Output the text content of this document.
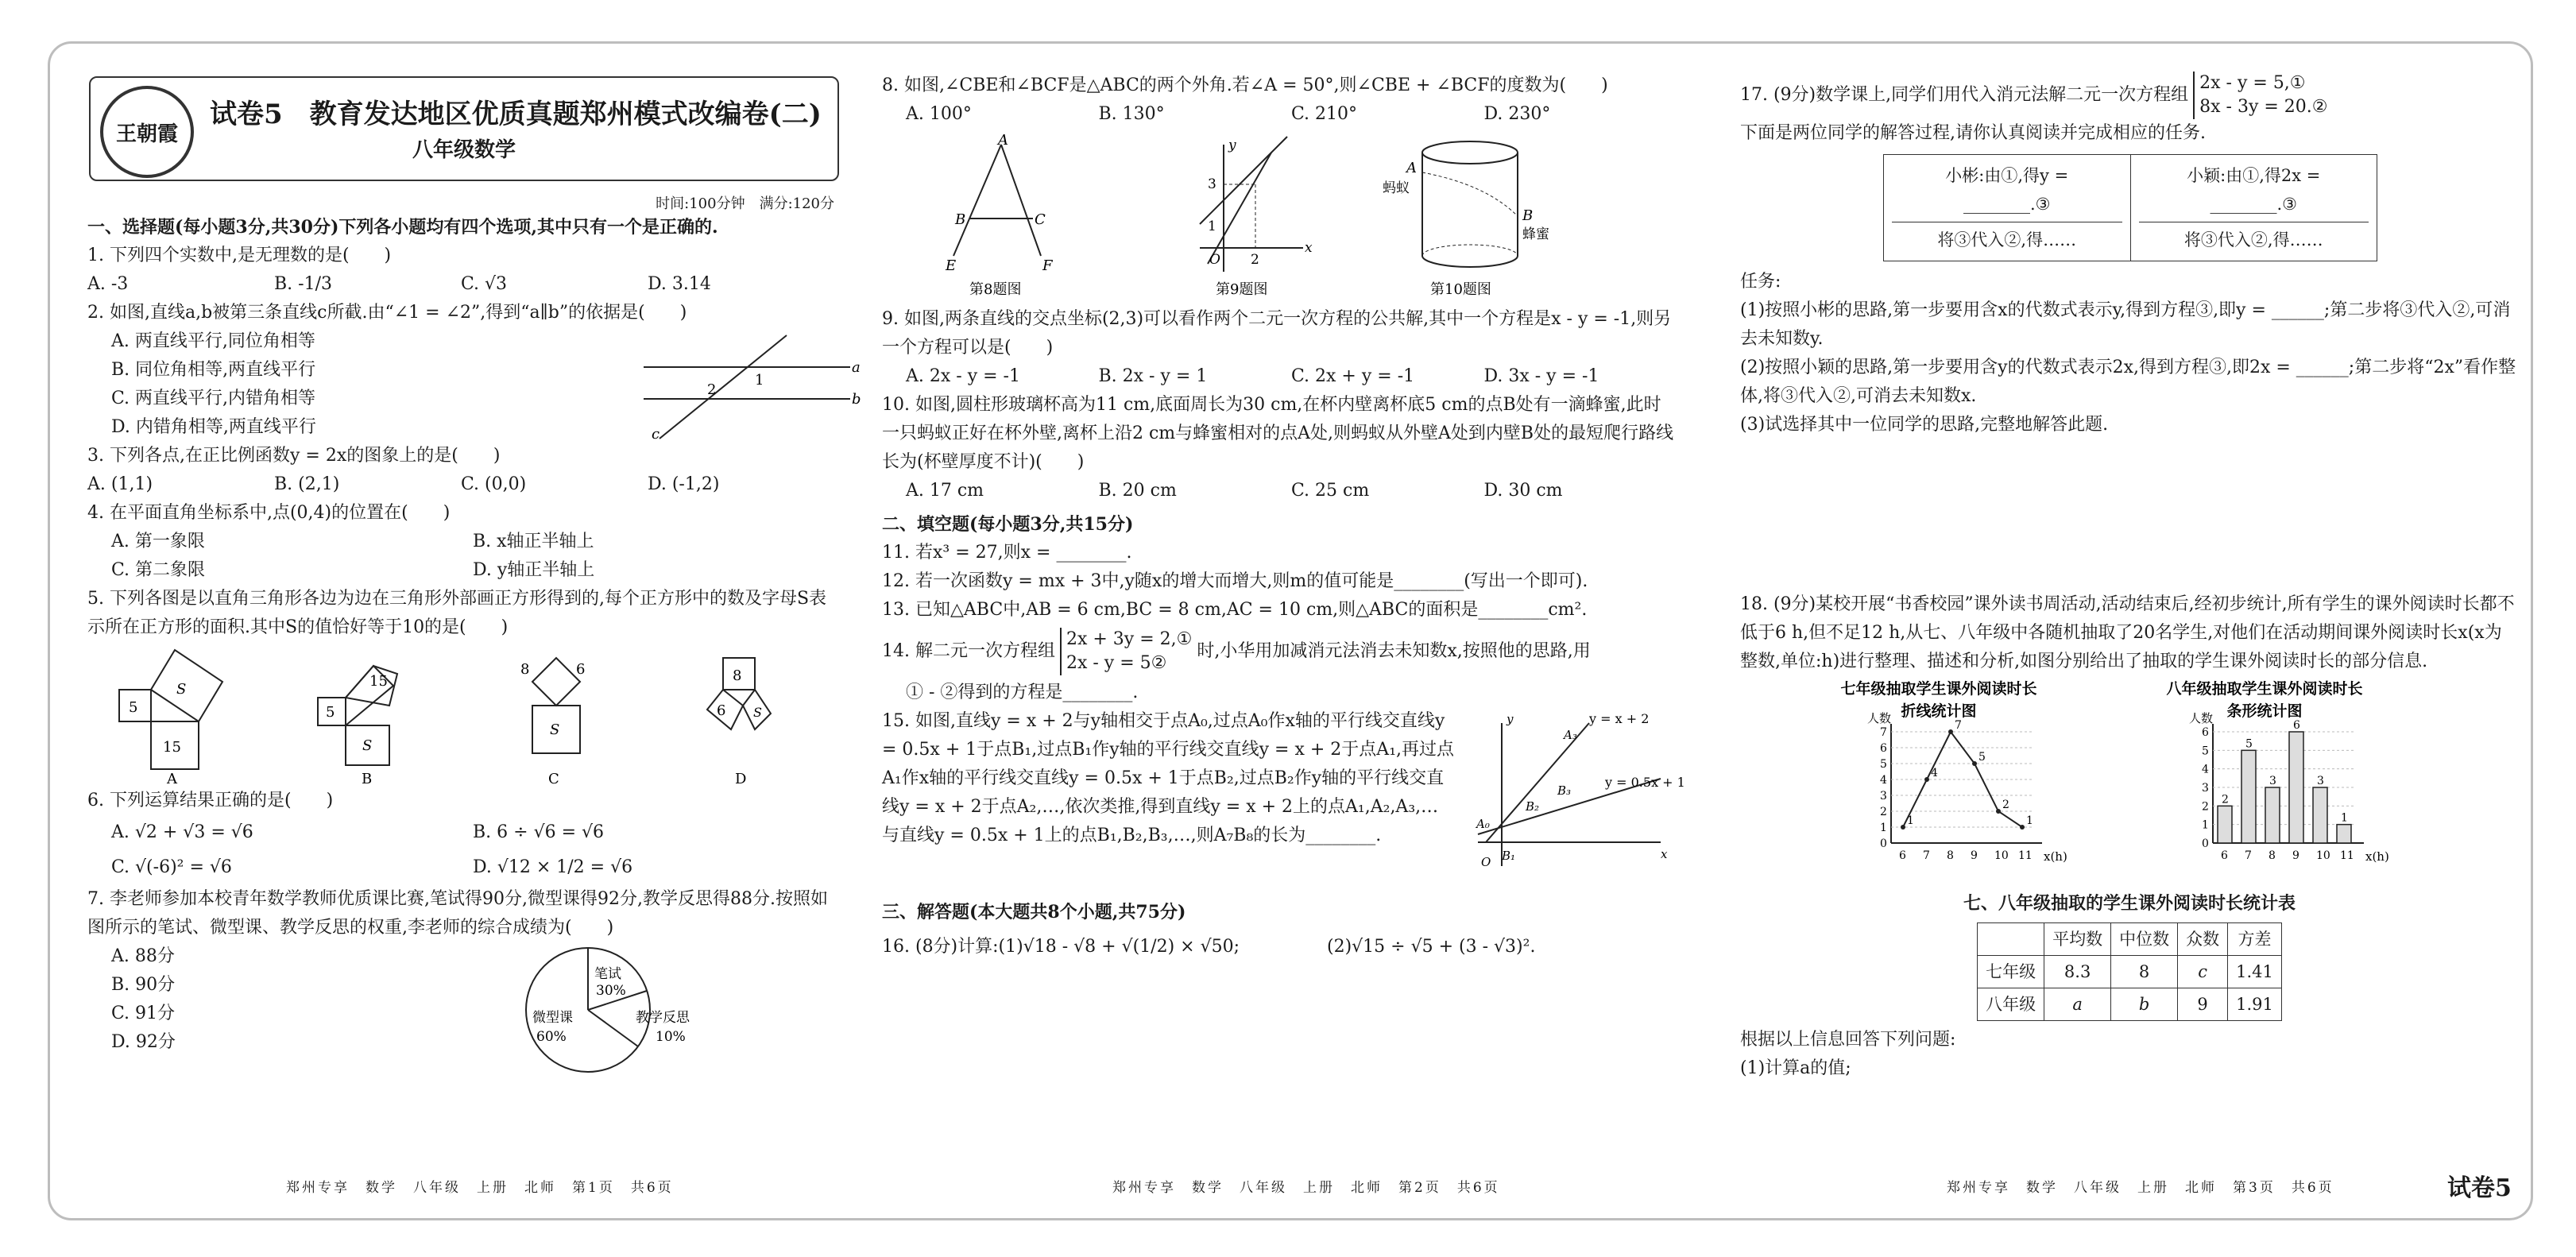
王朝霞
试卷5　教育发达地区优质真题郑州模式改编卷(二)
八年级数学
时间:100分钟　满分:120分

一、选择题(每小题3分,共30分)下列各小题均有四个选项,其中只有一个是正确的.

1. 下列四个实数中,是无理数的是(　　)

A. -3	B. -1/3	C. √3	D. 3.14

2. 如图,直线a,b被第三条直线c所截.由“∠1 = ∠2”,得到“a∥b”的依据是(　　)

A. 两直线平行,同位角相等
B. 同位角相等,两直线平行
C. 两直线平行,内错角相等
D. 内错角相等,两直线平行
a
b
c
1
2

3. 下列各点,在正比例函数y = 2x的图象上的是(　　)

A. (1,1)	B. (2,1)	C. (0,0)	D. (-1,2)

4. 在平面直角坐标系中,点(0,4)的位置在(　　)

A. 第一象限	B. x轴正半轴上
C. 第二象限	D. y轴正半轴上

5. 下列各图是以直角三角形各边为边在三角形外部画正方形得到的,每个正方形中的数及字母S表示所在正方形的面积.其中S的值恰好等于10的是(　　)

5
15
S
A
5
15
S
B
8	6
S
C
8
6 S
D

6. 下列运算结果正确的是(　　)

A. √2 + √3 = √6	B. 6 ÷ √6 = √6
C. √(-6)² = √6	D. √12 × 1/2 = √6

7. 李老师参加本校青年数学教师优质课比赛,笔试得90分,微型课得92分,教学反思得88分.按照如图所示的笔试、微型课、教学反思的权重,李老师的综合成绩为(　　)

A. 88分
B. 90分
C. 91分
D. 92分
笔试
30%
微型课
60%
教学反思
10%
郑州专享　数学　八年级　上册　北师　第1页　共6页

8. 如图,∠CBE和∠BCF是△ABC的两个外角.若∠A = 50°,则∠CBE + ∠BCF的度数为(　　)

A. 100°	B. 130°	C. 210°	D. 230°
A
B	C
E	F
第8题图
3
1
O 2
x
y
第9题图
A
蚂蚁
B
蜂蜜
第10题图

9. 如图,两条直线的交点坐标(2,3)可以看作两个二元一次方程的公共解,其中一个方程是x - y = -1,则另一个方程可以是(　　)

A. 2x - y = -1	B. 2x - y = 1	C. 2x + y = -1	D. 3x - y = -1

10. 如图,圆柱形玻璃杯高为11 cm,底面周长为30 cm,在杯内壁离杯底5 cm的点B处有一滴蜂蜜,此时一只蚂蚁正好在杯外壁,离杯上沿2 cm与蜂蜜相对的点A处,则蚂蚁从外壁A处到内壁B处的最短爬行路线长为(杯壁厚度不计)(　　)

A. 17 cm	B. 20 cm	C. 25 cm	D. 30 cm

二、填空题(每小题3分,共15分)

11. 若x³ = 27,则x = ________.

12. 若一次函数y = mx + 3中,y随x的增大而增大,则m的值可能是________(写出一个即可).

13. 已知△ABC中,AB = 6 cm,BC = 8 cm,AC = 10 cm,则△ABC的面积是________cm².

14. 解二元一次方程组
2x + 3y = 2,①
2x - y = 5②
时,小华用加减消元法消去未知数x,按照他的思路,用

① - ②得到的方程是________.

15. 如图,直线y = x + 2与y轴相交于点A₀,过点A₀作x轴的平行线交直线y = 0.5x + 1于点B₁,过点B₁作y轴的平行线交直线y = x + 2于点A₁,再过点A₁作x轴的平行线交直线y = 0.5x + 1于点B₂,过点B₂作y轴的平行线交直线y = x + 2于点A₂,…,依次类推,得到直线y = x + 2上的点A₁,A₂,A₃,…与直线y = 0.5x + 1上的点B₁,B₂,B₃,…,则A₇B₈的长为________.

y = x + 2
y = 0.5x + 1
A₀
B₁
B₂
B₃
A₃
O
x
y

三、解答题(本大题共8个小题,共75分)

16. (8分)计算:(1)√18 - √8 + √(1/2) × √50;	(2)√15 ÷ √5 + (3 - √3)².
郑州专享　数学　八年级　上册　北师　第2页　共6页
17. (9分)数学课上,同学们用代入消元法解二元一次方程组
2x - y = 5,①
8x - 3y = 20.②

下面是两位同学的解答过程,请你认真阅读并完成相应的任务.

小彬:由①,得y = ________.③
将③代入②,得……
小颖:由①,得2x = ________.③
将③代入②,得……

任务:

(1)按照小彬的思路,第一步要用含x的代数式表示y,得到方程③,即y = ______;第二步将③代入②,可消去未知数y.

(2)按照小颖的思路,第一步要用含y的代数式表示2x,得到方程③,即2x = ______;第二步将“2x”看作整体,将③代入②,可消去未知数x.

(3)试选择其中一位同学的思路,完整地解答此题.

18. (9分)某校开展“书香校园”课外读书周活动,活动结束后,经初步统计,所有学生的课外阅读时长都不低于6 h,但不足12 h,从七、八年级中各随机抽取了20名学生,对他们在活动期间课外阅读时长x(x为整数,单位:h)进行整理、描述和分析,如图分别给出了抽取的学生课外阅读时长的部分信息.

七年级抽取学生课外阅读时长
折线统计图
八年级抽取学生课外阅读时长
条形统计图
人数
x(h)
0
1
2
3
4
5
6
7
6 7 8 9 10 11
1
4
7
5
2
1
人数
x(h)
0
1
2
3
4
5
6
2
6
5
7
3
8
6
9
3
10
1
11

七、八年级抽取的学生课外阅读时长统计表

	平均数	中位数	众数	方差
七年级	8.3	8	c	1.41
八年级	a	b	9	1.91

根据以上信息回答下列问题:

(1)计算a的值;

郑州专享　数学　八年级　上册　北师　第3页　共6页	试卷5
